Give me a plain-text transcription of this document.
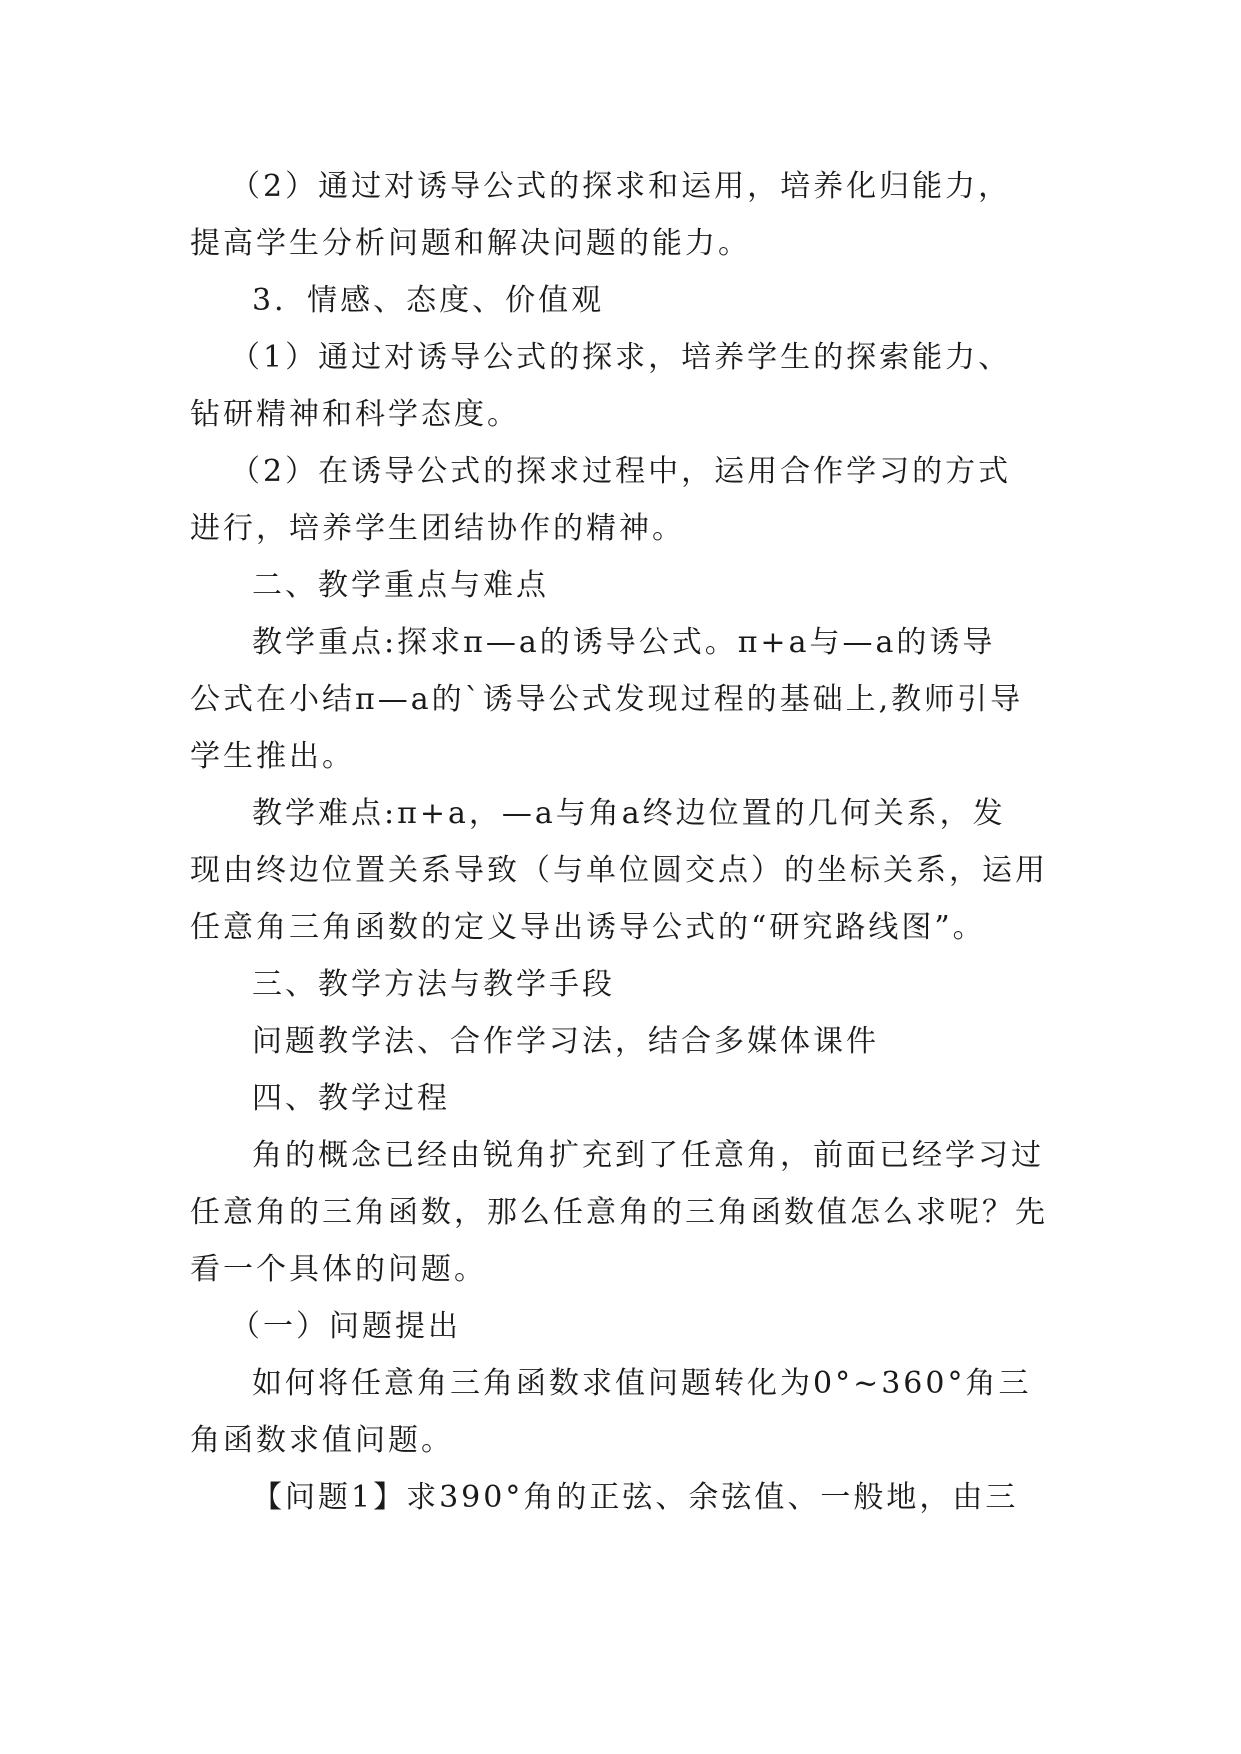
（2）通过对诱导公式的探求和运用，培养化归能力，
提高学生分析问题和解决问题的能力。
3．情感、态度、价值观
（1）通过对诱导公式的探求，培养学生的探索能力、
钻研精神和科学态度。
（2）在诱导公式的探求过程中，运用合作学习的方式
进行，培养学生团结协作的精神。
二、教学重点与难点
教学重点:探求π—a的诱导公式。π+a与—a的诱导
公式在小结π—a的`诱导公式发现过程的基础上,教师引导
学生推出。
教学难点:π+a，—a与角a终边位置的几何关系，发
现由终边位置关系导致（与单位圆交点）的坐标关系，运用
任意角三角函数的定义导出诱导公式的“研究路线图”。
三、教学方法与教学手段
问题教学法、合作学习法，结合多媒体课件
四、教学过程
角的概念已经由锐角扩充到了任意角，前面已经学习过
任意角的三角函数，那么任意角的三角函数值怎么求呢？先
看一个具体的问题。
（一）问题提出
如何将任意角三角函数求值问题转化为0°~360°角三
角函数求值问题。
【问题1】求390°角的正弦、余弦值、一般地，由三
